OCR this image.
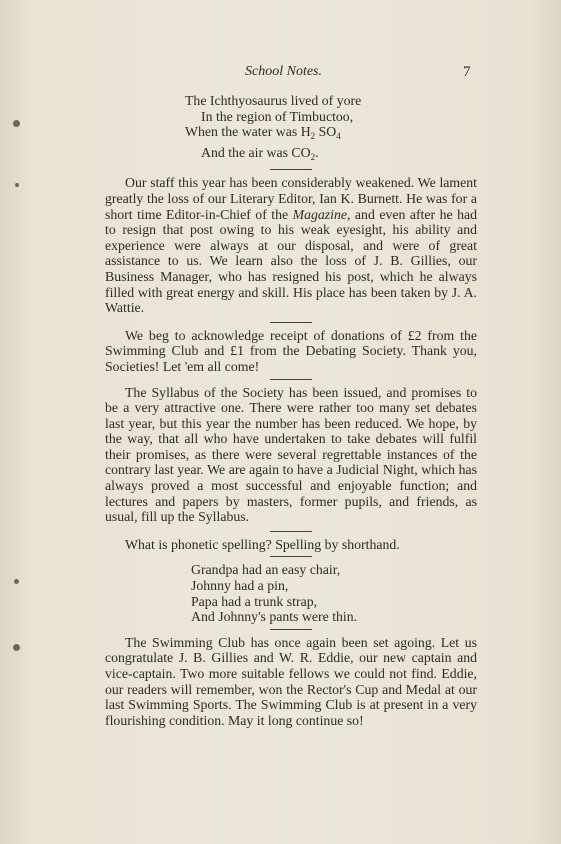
School Notes.	7
The Ichthyosaurus lived of yore
In the region of Timbuctoo,
When the water was $H_2$ $SO_4$
And the air was $CO_2$.

Our staff this year has been considerably weakened. We lament greatly the loss of our Literary Editor, Ian K. Burnett. He was for a short time Editor-in-Chief of the Magazine, and even after he had to resign that post owing to his weak eyesight, his ability and experience were always at our disposal, and were of great assistance to us. We learn also the loss of J. B. Gillies, our Business Manager, who has resigned his post, which he always filled with great energy and skill. His place has been taken by J. A. Wattie.

We beg to acknowledge receipt of donations of £2 from the Swimming Club and £1 from the Debating Society. Thank you, Societies! Let 'em all come!

The Syllabus of the Society has been issued, and promises to be a very attractive one. There were rather too many set debates last year, but this year the number has been reduced. We hope, by the way, that all who have undertaken to take debates will fulfil their promises, as there were several regrettable instances of the contrary last year. We are again to have a Judicial Night, which has always proved a most successful and enjoyable function; and lectures and papers by masters, former pupils, and friends, as usual, fill up the Syllabus.

What is phonetic spelling? Spelling by shorthand.

Grandpa had an easy chair,
Johnny had a pin,
Papa had a trunk strap,
And Johnny's pants were thin.

The Swimming Club has once again been set agoing. Let us congratulate J. B. Gillies and W. R. Eddie, our new captain and vice-captain. Two more suitable fellows we could not find. Eddie, our readers will remember, won the Rector's Cup and Medal at our last Swimming Sports. The Swimming Club is at present in a very flourishing condition. May it long continue so!
